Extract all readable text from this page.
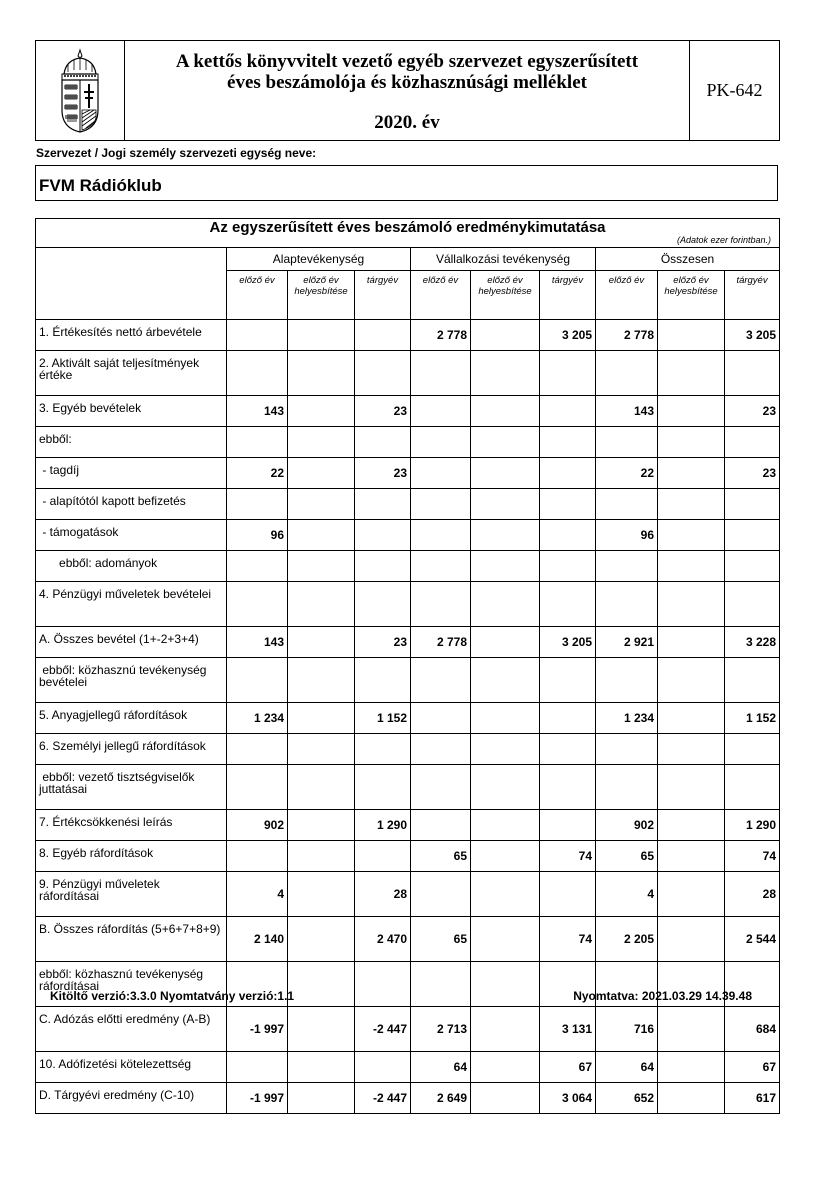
A kettős könyvvitelt vezető egyéb szervezet egyszerűsített
éves beszámolója és közhasznúsági melléklet
2020. év
PK-642
Szervezet / Jogi személy szervezeti egység neve:
FVM Rádióklub
Az egyszerűsített éves beszámoló eredménykimutatása
(Adatok ezer forintban.)									

	Alaptevékenység			Vállalkozási tevékenység			Összesen		
	előző év	előző év helyesbítése	tárgyév	előző év	előző év helyesbítése	tárgyév	előző év	előző év helyesbítése	tárgyév
1. Értékesítés nettó árbevétele				2 778		3 205	2 778		3 205
2. Aktivált saját teljesítmények értéke									
3. Egyéb bevételek	143		23				143		23
ebből:									
- tagdíj	22		23				22		23
- alapítótól kapott befizetés									
- támogatások	96						96		
ebből: adományok									
4. Pénzügyi műveletek bevételei									
A. Összes bevétel (1+-2+3+4)	143		23	2 778		3 205	2 921		3 228
ebből: közhasznú tevékenység bevételei									
5. Anyagjellegű ráfordítások	1 234		1 152				1 234		1 152
6. Személyi jellegű ráfordítások									
ebből: vezető tisztségviselők juttatásai									
7. Értékcsökkenési leírás	902		1 290				902		1 290
8. Egyéb ráfordítások				65		74	65		74
9. Pénzügyi műveletek ráfordításai	4		28				4		28
B. Összes ráfordítás (5+6+7+8+9)	2 140		2 470	65		74	2 205		2 544
ebből: közhasznú tevékenység ráfordításai									
C. Adózás előtti eredmény (A-B)	-1 997		-2 447	2 713		3 131	716		684
10. Adófizetési kötelezettség				64		67	64		67
D. Tárgyévi eredmény (C-10)	-1 997		-2 447	2 649		3 064	652		617
Kitöltő verzió:3.3.0 Nyomtatvány verzió:1.1	Nyomtatva: 2021.03.29 14.39.48
